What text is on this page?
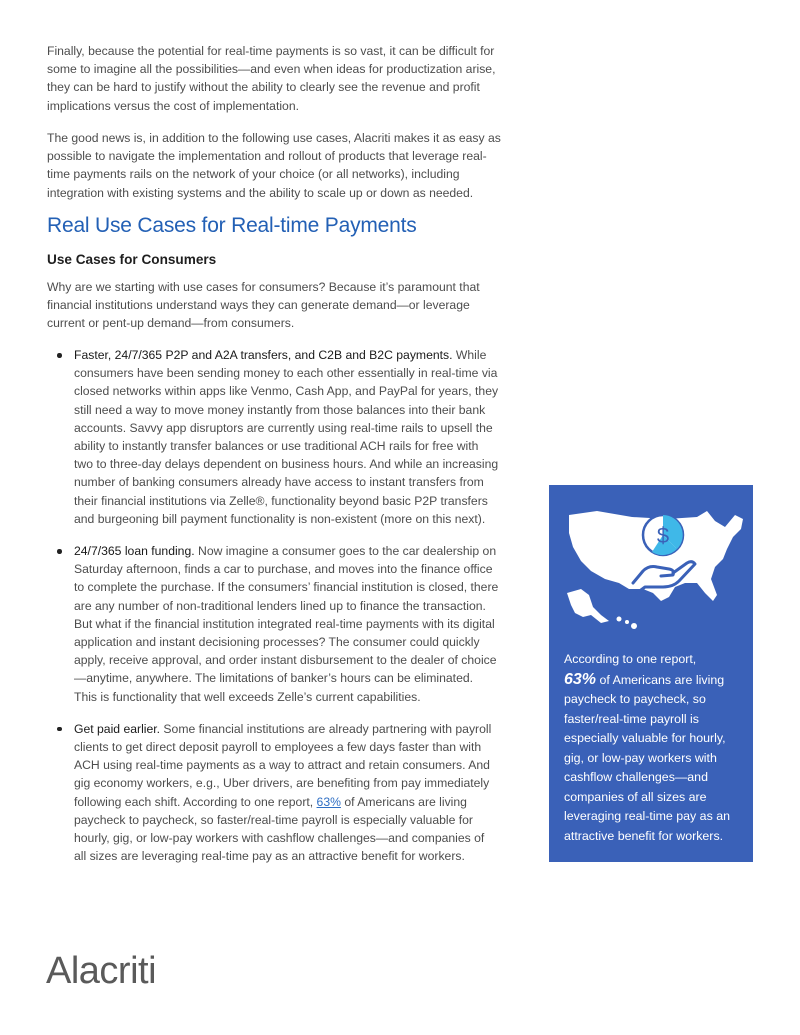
Finally, because the potential for real-time payments is so vast, it can be difficult for some to imagine all the possibilities—and even when ideas for productization arise, they can be hard to justify without the ability to clearly see the revenue and profit implications versus the cost of implementation.

The good news is, in addition to the following use cases, Alacriti makes it as easy as possible to navigate the implementation and rollout of products that leverage real-time payments rails on the network of your choice (or all networks), including integration with existing systems and the ability to scale up or down as needed.

Real Use Cases for Real-time Payments
Use Cases for Consumers

Why are we starting with use cases for consumers? Because it’s paramount that financial institutions understand ways they can generate demand—or leverage current or pent-up demand—from consumers.

Faster, 24/7/365 P2P and A2A transfers, and C2B and B2C payments. While consumers have been sending money to each other essentially in real-time via closed networks within apps like Venmo, Cash App, and PayPal for years, they still need a way to move money instantly from those balances into their bank accounts. Savvy app disruptors are currently using real-time rails to upsell the ability to instantly transfer balances or use traditional ACH rails for free with two to three-day delays dependent on business hours. And while an increasing number of banking consumers already have access to instant transfers from their financial institutions via Zelle®, functionality beyond basic P2P transfers and burgeoning bill payment functionality is non-existent (more on this next).
24/7/365 loan funding. Now imagine a consumer goes to the car dealership on Saturday afternoon, finds a car to purchase, and moves into the finance office to complete the purchase. If the consumers’ financial institution is closed, there are any number of non-traditional lenders lined up to finance the transaction. But what if the financial institution integrated real-time payments with its digital application and instant decisioning processes? The consumer could quickly apply, receive approval, and order instant disbursement to the dealer of choice—anytime, anywhere. The limitations of banker’s hours can be eliminated. This is functionality that well exceeds Zelle’s current capabilities.
Get paid earlier. Some financial institutions are already partnering with payroll clients to get direct deposit payroll to employees a few days faster than with ACH using real-time payments as a way to attract and retain consumers. And gig economy workers, e.g., Uber drivers, are benefiting from pay immediately following each shift. According to one report, 63% of Americans are living paycheck to paycheck, so faster/real-time payroll is especially valuable for hourly, gig, or low-pay workers with cashflow challenges—and companies of all sizes are leveraging real-time pay as an attractive benefit for workers.
$

According to one report,
63% of Americans are living paycheck to paycheck, so faster/real-time payroll is especially valuable for hourly, gig, or low-pay workers with cashflow challenges—and companies of all sizes are leveraging real-time pay as an attractive benefit for workers.

Alacriti
